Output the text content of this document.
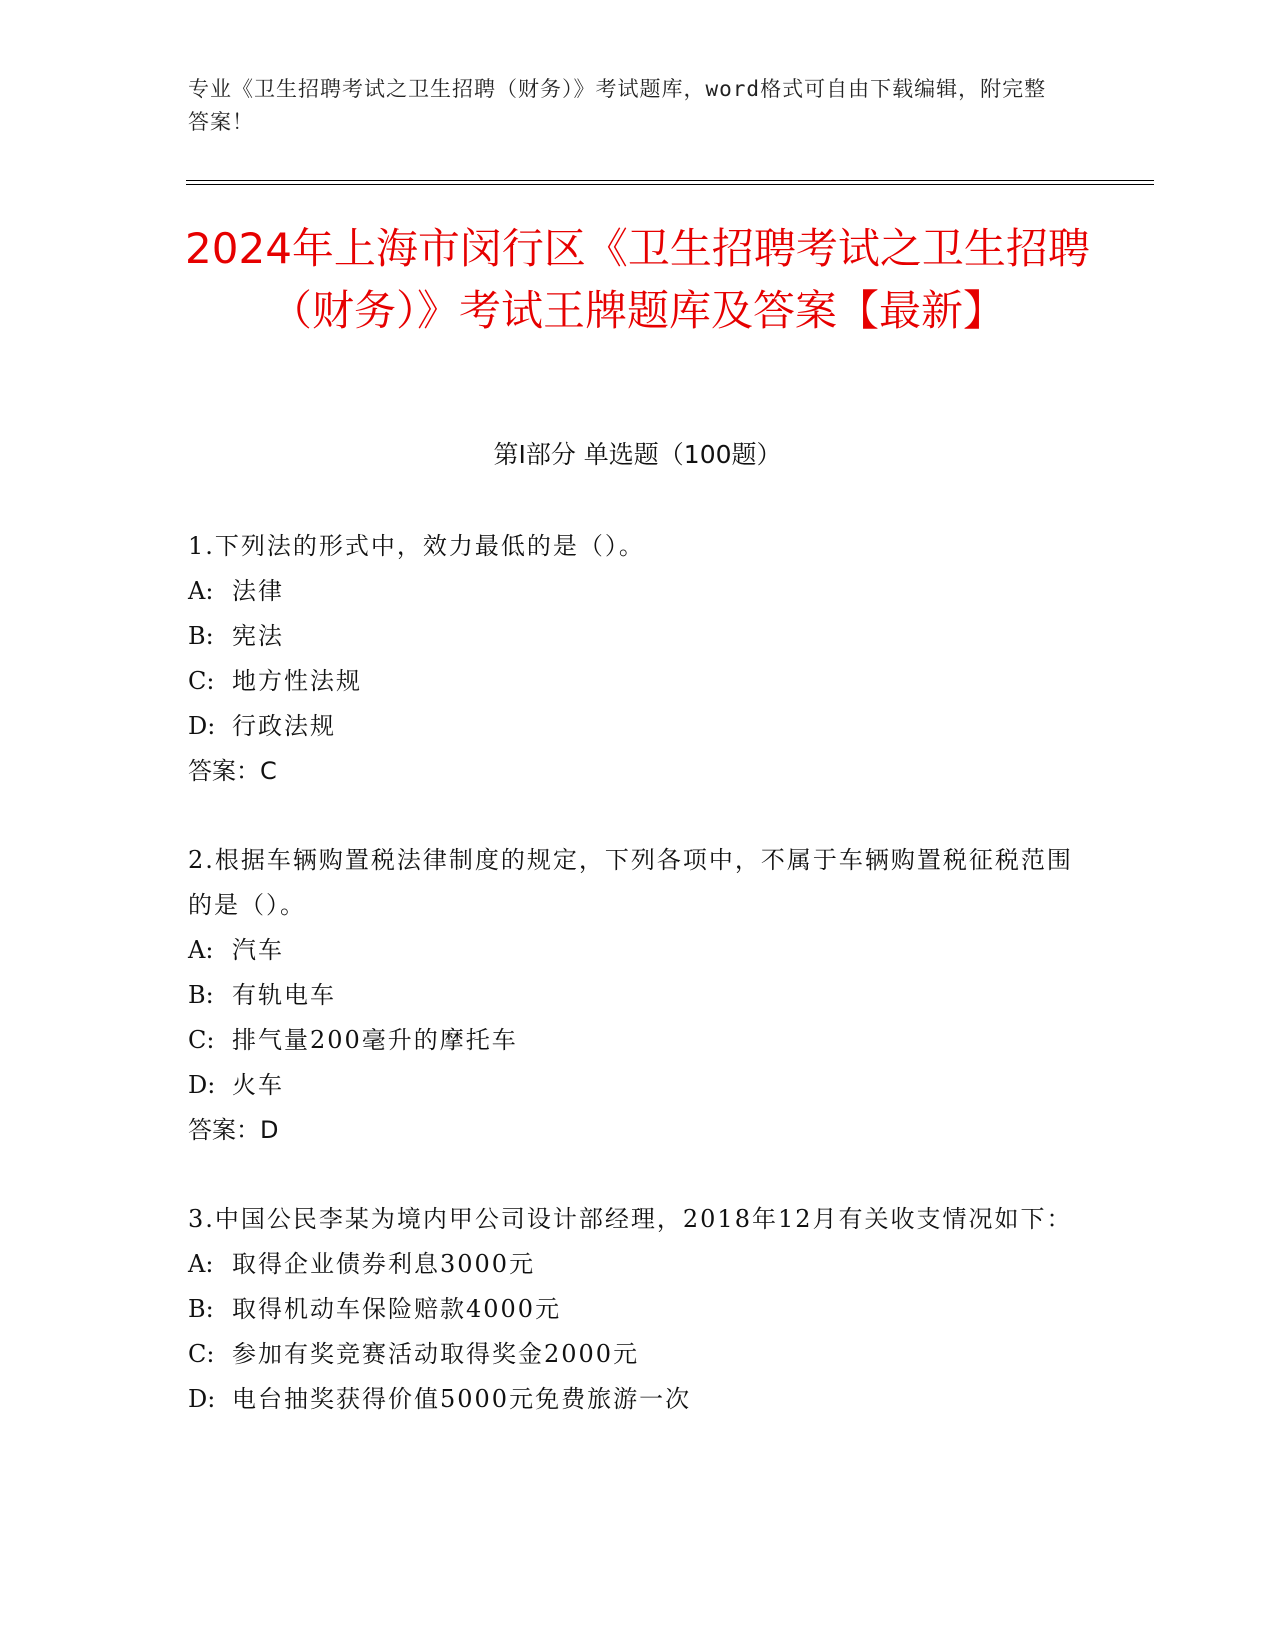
专业《卫生招聘考试之卫生招聘（财务）》考试题库，word格式可自由下载编辑，附完整答案！
2024年上海市闵行区《卫生招聘考试之卫生招聘（财务）》考试王牌题库及答案【最新】
第Ⅰ部分 单选题（100题）
1.下列法的形式中，效力最低的是（）。
A: 法律
B: 宪法
C: 地方性法规
D: 行政法规
答案：C
2.根据车辆购置税法律制度的规定，下列各项中，不属于车辆购置税征税范围的是（）。
A: 汽车
B: 有轨电车
C: 排气量200毫升的摩托车
D: 火车
答案：D
3.中国公民李某为境内甲公司设计部经理，2018年12月有关收支情况如下：
A: 取得企业债券利息3000元
B: 取得机动车保险赔款4000元
C: 参加有奖竞赛活动取得奖金2000元
D: 电台抽奖获得价值5000元免费旅游一次
